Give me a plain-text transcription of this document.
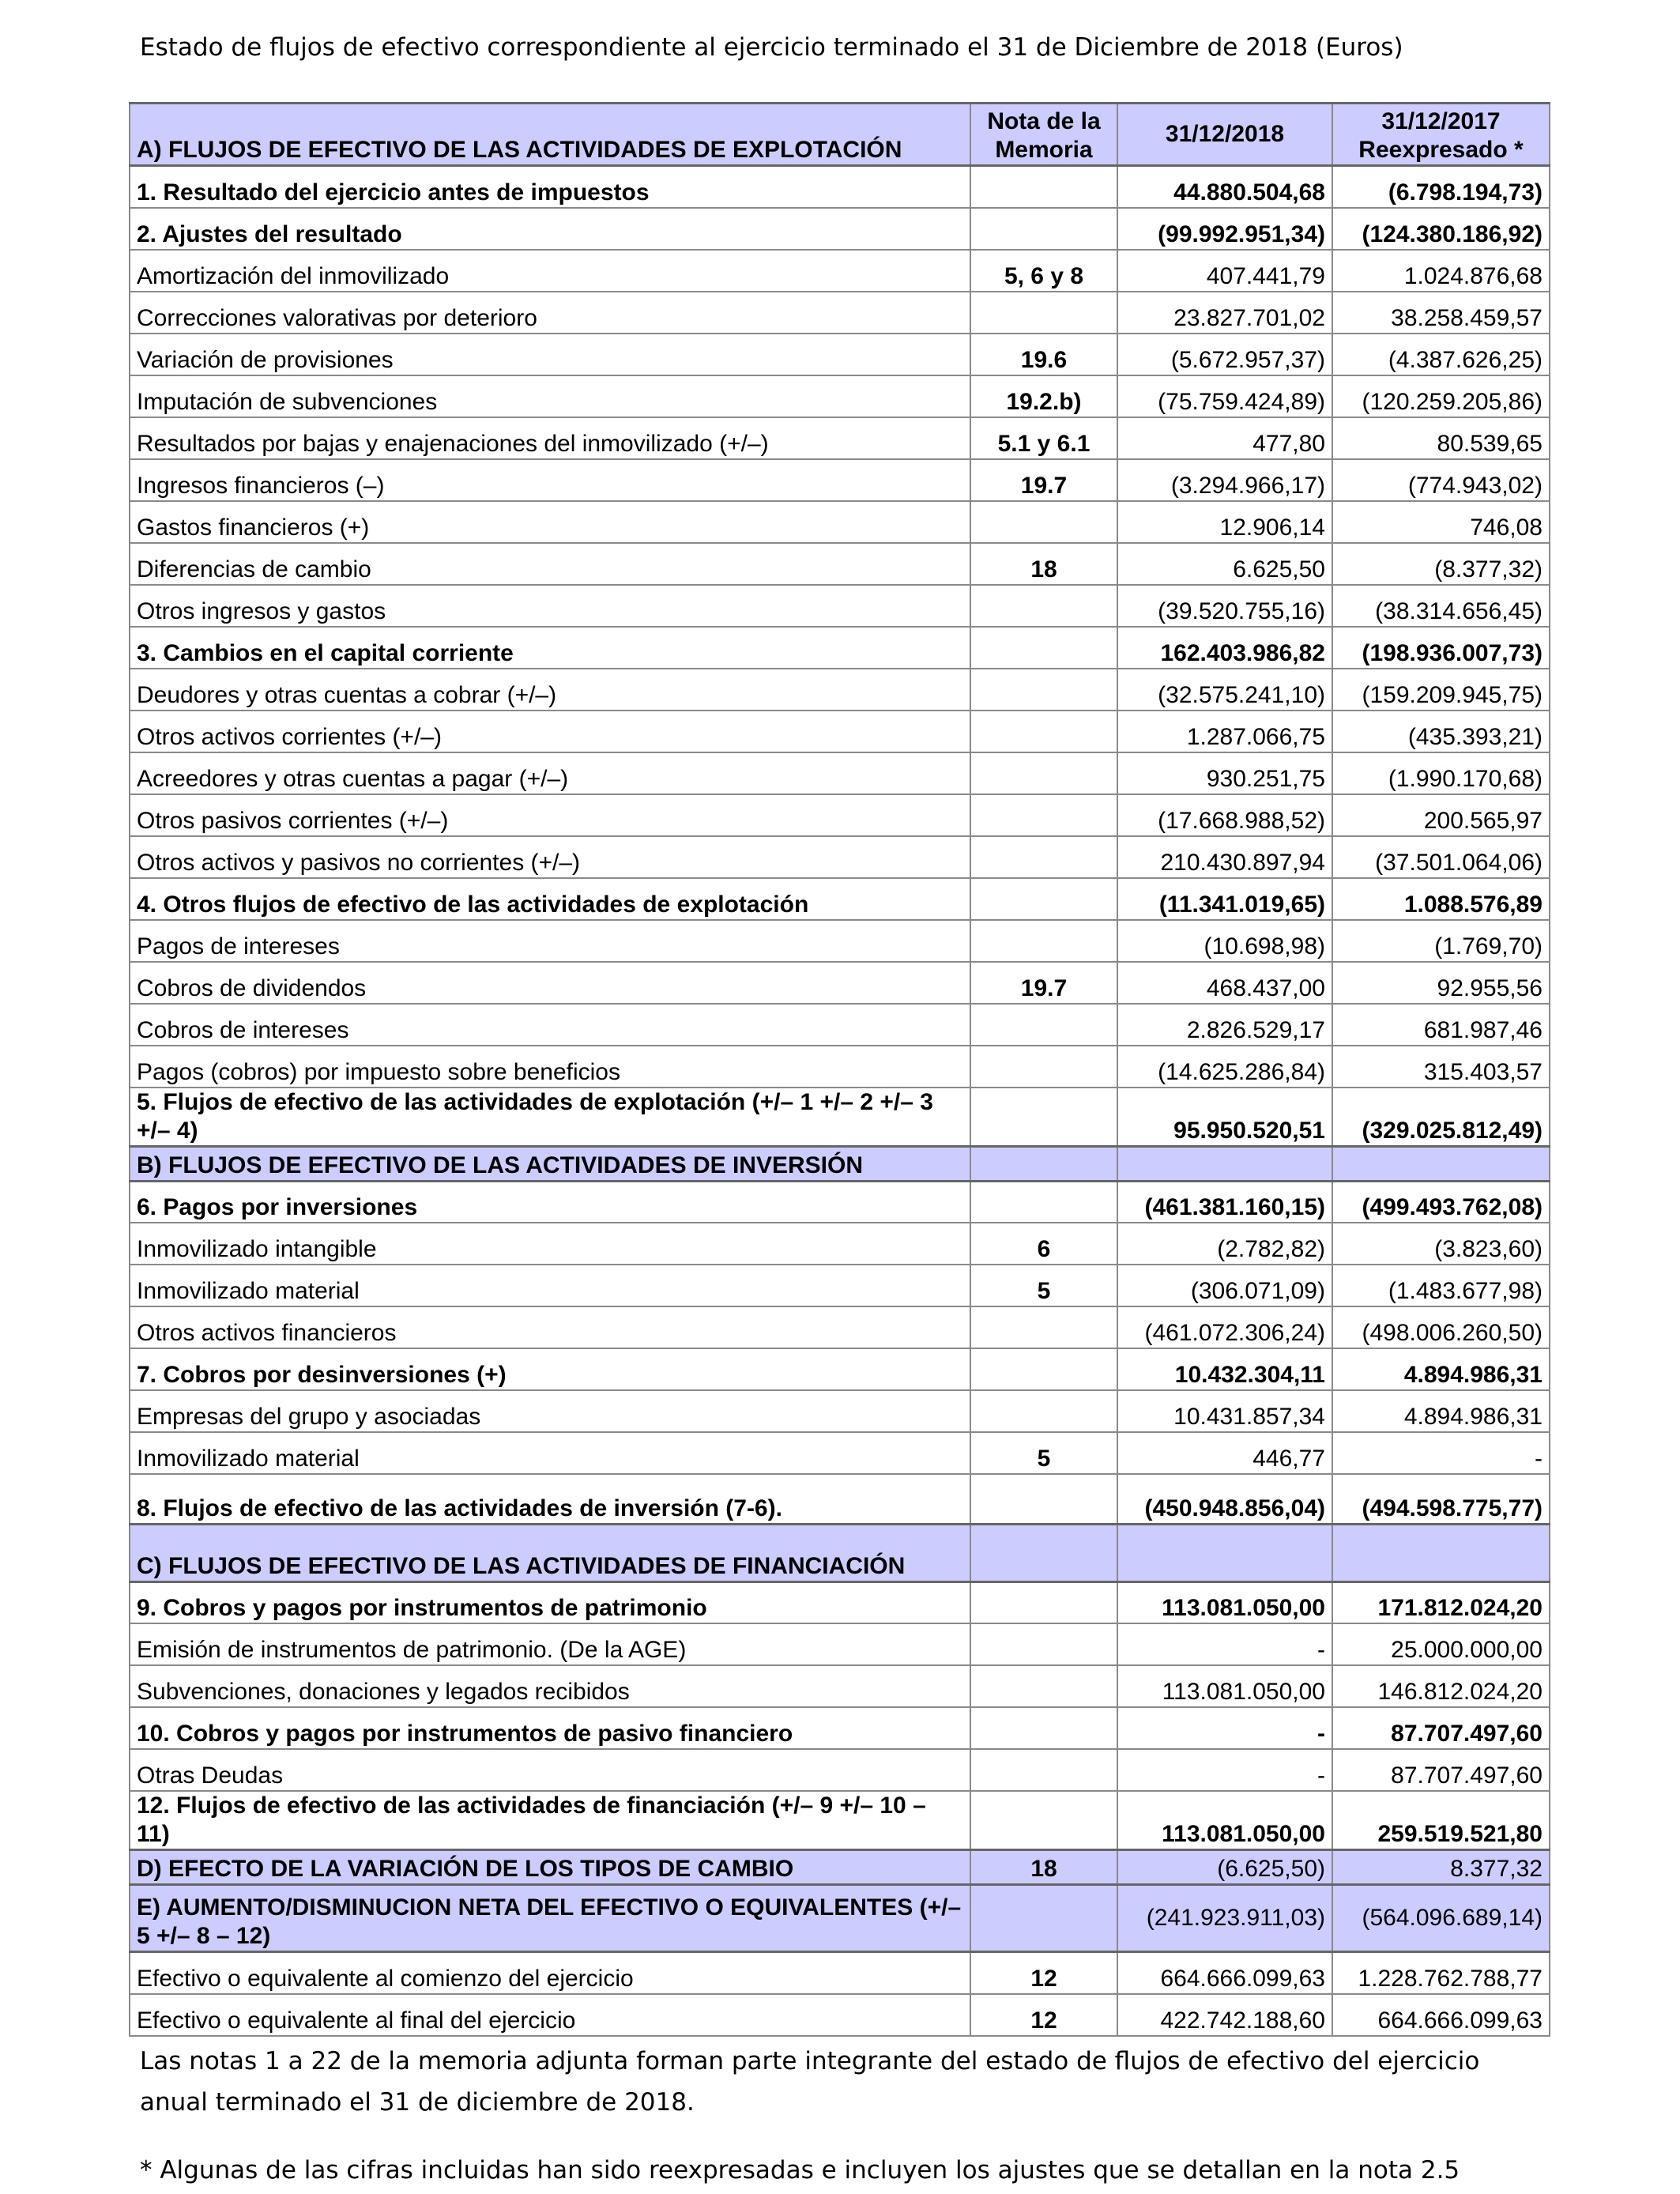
Estado de flujos de efectivo correspondiente al ejercicio terminado el 31 de Diciembre de 2018 (Euros)
A) FLUJOS DE EFECTIVO DE LAS ACTIVIDADES DE EXPLOTACIÓN	Nota de la Memoria	31/12/2018	31/12/2017 Reexpresado *
1. Resultado del ejercicio antes de impuestos		44.880.504,68	(6.798.194,73)
2. Ajustes del resultado		(99.992.951,34)	(124.380.186,92)
Amortización del inmovilizado	5, 6 y 8	407.441,79	1.024.876,68
Correcciones valorativas por deterioro		23.827.701,02	38.258.459,57
Variación de provisiones	19.6	(5.672.957,37)	(4.387.626,25)
Imputación de subvenciones	19.2.b)	(75.759.424,89)	(120.259.205,86)
Resultados por bajas y enajenaciones del inmovilizado (+/–)	5.1 y 6.1	477,80	80.539,65
Ingresos financieros (–)	19.7	(3.294.966,17)	(774.943,02)
Gastos financieros (+)		12.906,14	746,08
Diferencias de cambio	18	6.625,50	(8.377,32)
Otros ingresos y gastos		(39.520.755,16)	(38.314.656,45)
3. Cambios en el capital corriente		162.403.986,82	(198.936.007,73)
Deudores y otras cuentas a cobrar (+/–)		(32.575.241,10)	(159.209.945,75)
Otros activos corrientes (+/–)		1.287.066,75	(435.393,21)
Acreedores y otras cuentas a pagar (+/–)		930.251,75	(1.990.170,68)
Otros pasivos corrientes (+/–)		(17.668.988,52)	200.565,97
Otros activos y pasivos no corrientes (+/–)		210.430.897,94	(37.501.064,06)
4. Otros flujos de efectivo de las actividades de explotación		(11.341.019,65)	1.088.576,89
Pagos de intereses		(10.698,98)	(1.769,70)
Cobros de dividendos	19.7	468.437,00	92.955,56
Cobros de intereses		2.826.529,17	681.987,46
Pagos (cobros) por impuesto sobre beneficios		(14.625.286,84)	315.403,57
5. Flujos de efectivo de las actividades de explotación (+/– 1 +/– 2 +/– 3 +/– 4)		95.950.520,51	(329.025.812,49)
B) FLUJOS DE EFECTIVO DE LAS ACTIVIDADES DE INVERSIÓN			
6. Pagos por inversiones		(461.381.160,15)	(499.493.762,08)
Inmovilizado intangible	6	(2.782,82)	(3.823,60)
Inmovilizado material	5	(306.071,09)	(1.483.677,98)
Otros activos financieros		(461.072.306,24)	(498.006.260,50)
7. Cobros por desinversiones (+)		10.432.304,11	4.894.986,31
Empresas del grupo y asociadas		10.431.857,34	4.894.986,31
Inmovilizado material	5	446,77	-
8. Flujos de efectivo de las actividades de inversión (7-6).		(450.948.856,04)	(494.598.775,77)
C) FLUJOS DE EFECTIVO DE LAS ACTIVIDADES DE FINANCIACIÓN			
9. Cobros y pagos por instrumentos de patrimonio		113.081.050,00	171.812.024,20
Emisión de instrumentos de patrimonio. (De la AGE)		-	25.000.000,00
Subvenciones, donaciones y legados recibidos		113.081.050,00	146.812.024,20
10. Cobros y pagos por instrumentos de pasivo financiero		-	87.707.497,60
Otras Deudas		-	87.707.497,60
12. Flujos de efectivo de las actividades de financiación (+/– 9 +/– 10 – 11)		113.081.050,00	259.519.521,80
D) EFECTO DE LA VARIACIÓN DE LOS TIPOS DE CAMBIO	18	(6.625,50)	8.377,32
E) AUMENTO/DISMINUCION NETA DEL EFECTIVO O EQUIVALENTES (+/– 5 +/– 8 – 12)		(241.923.911,03)	(564.096.689,14)
Efectivo o equivalente al comienzo del ejercicio	12	664.666.099,63	1.228.762.788,77
Efectivo o equivalente al final del ejercicio	12	422.742.188,60	664.666.099,63
Las notas 1 a 22 de la memoria adjunta forman parte integrante del estado de flujos de efectivo del ejercicio anual terminado el 31 de diciembre de 2018.
* Algunas de las cifras incluidas han sido reexpresadas e incluyen los ajustes que se detallan en la nota 2.5
